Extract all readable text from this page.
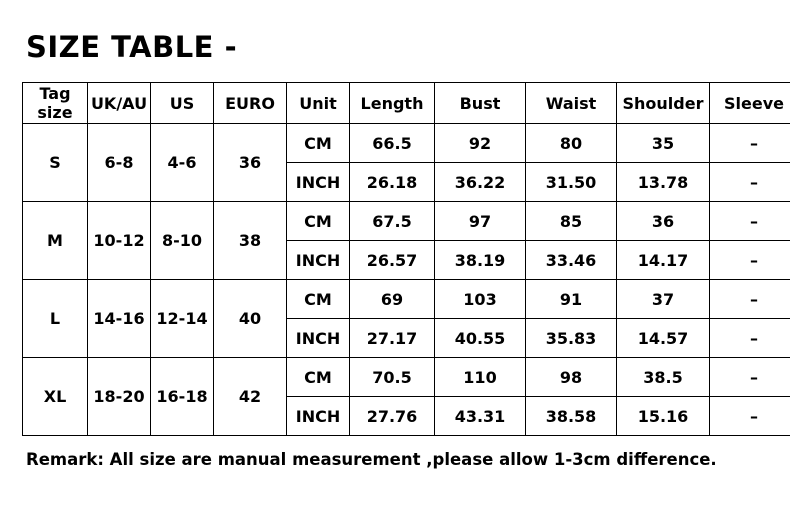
SIZE TABLE -
Tag size	UK/AU	US	EURO	Unit	Length	Bust	Waist	Shoulder	Sleeve
S	6-8	4-6	36	CM	66.5	92	80	35	–
				INCH	26.18	36.22	31.50	13.78	–
M	10-12	8-10	38	CM	67.5	97	85	36	–
				INCH	26.57	38.19	33.46	14.17	–
L	14-16	12-14	40	CM	69	103	91	37	–
				INCH	27.17	40.55	35.83	14.57	–
XL	18-20	16-18	42	CM	70.5	110	98	38.5	–
				INCH	27.76	43.31	38.58	15.16	–
Remark: All size are manual measurement ,please allow 1-3cm difference.
